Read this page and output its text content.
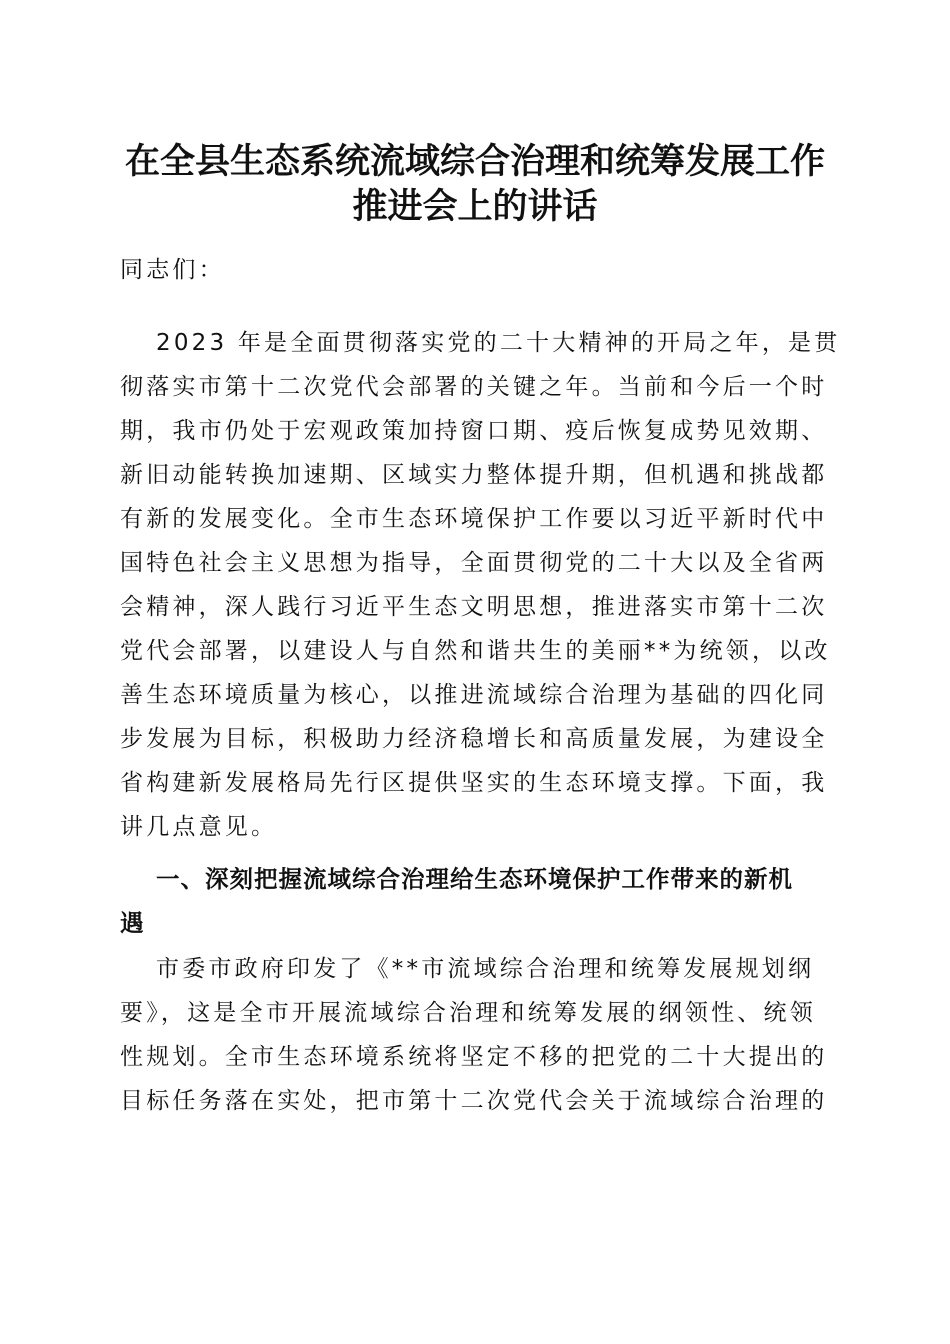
在全县生态系统流域综合治理和统筹发展工作
推进会上的讲话
同志们：
2023 年是全面贯彻落实党的二十大精神的开局之年，是贯
彻落实市第十二次党代会部署的关键之年。当前和今后一个时
期，我市仍处于宏观政策加持窗口期、疫后恢复成势见效期、
新旧动能转换加速期、区域实力整体提升期，但机遇和挑战都
有新的发展变化。全市生态环境保护工作要以习近平新时代中
国特色社会主义思想为指导，全面贯彻党的二十大以及全省两
会精神，深人践行习近平生态文明思想，推进落实市第十二次
党代会部署，以建设人与自然和谐共生的美丽**为统领，以改
善生态环境质量为核心，以推进流域综合治理为基础的四化同
步发展为目标，积极助力经济稳增长和高质量发展，为建设全
省构建新发展格局先行区提供坚实的生态环境支撑。下面，我
讲几点意见。
一、深刻把握流域综合治理给生态环境保护工作带来的新机
遇
市委市政府印发了《**市流域综合治理和统筹发展规划纲
要》，这是全市开展流域综合治理和统筹发展的纲领性、统领
性规划。全市生态环境系统将坚定不移的把党的二十大提出的
目标任务落在实处，把市第十二次党代会关于流域综合治理的
